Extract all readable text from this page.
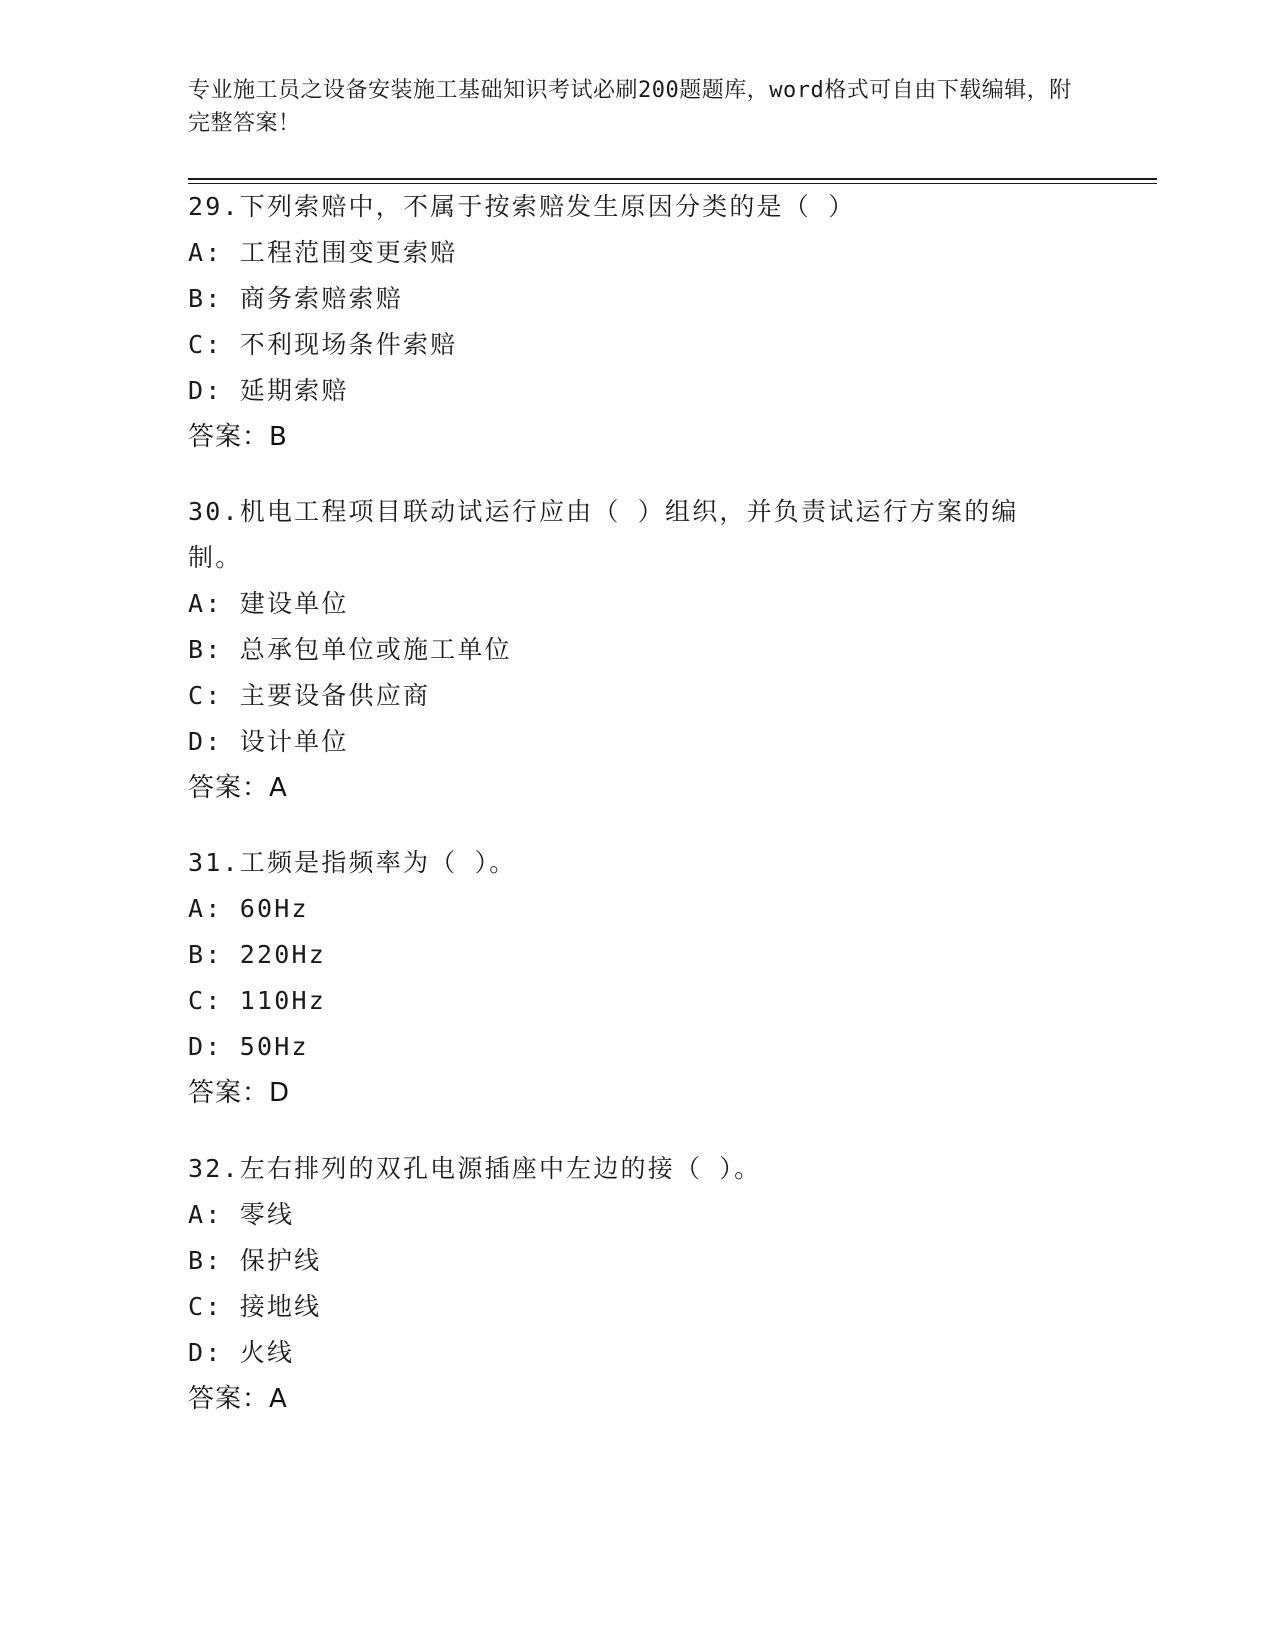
专业施工员之设备安装施工基础知识考试必刷200题题库，word格式可自由下载编辑，附完整答案！

29.下列索赔中，不属于按索赔发生原因分类的是（ ）

A: 工程范围变更索赔

B: 商务索赔索赔

C: 不利现场条件索赔

D: 延期索赔

答案：B

30.机电工程项目联动试运行应由（ ）组织，并负责试运行方案的编制。

A: 建设单位

B: 总承包单位或施工单位

C: 主要设备供应商

D: 设计单位

答案：A

31.工频是指频率为（ ）。

A: 60Hz

B: 220Hz

C: 110Hz

D: 50Hz

答案：D

32.左右排列的双孔电源插座中左边的接（ ）。

A: 零线

B: 保护线

C: 接地线

D: 火线

答案：A
